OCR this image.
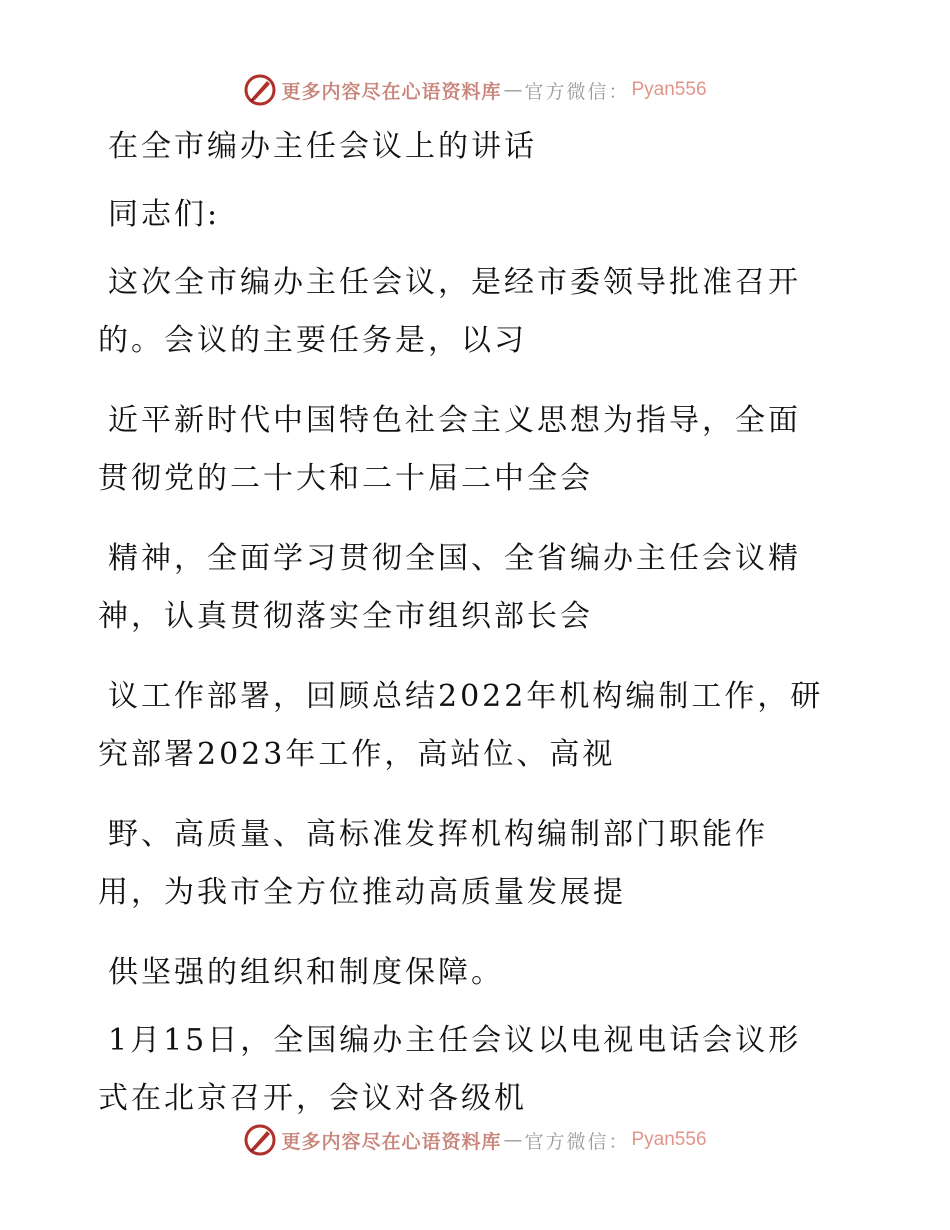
更多内容尽在心语资料库 — 官方微信： Pyan556
在全市编办主任会议上的讲话
同志们:
这次全市编办主任会议，是经市委领导批准召开
的。会议的主要任务是，以习
近平新时代中国特色社会主义思想为指导，全面
贯彻党的二十大和二十届二中全会
精神，全面学习贯彻全国、全省编办主任会议精
神，认真贯彻落实全市组织部长会
议工作部署，回顾总结2022年机构编制工作，研
究部署2023年工作，高站位、高视
野、高质量、高标准发挥机构编制部门职能作
用，为我市全方位推动高质量发展提
供坚强的组织和制度保障。
1月15日，全国编办主任会议以电视电话会议形
式在北京召开，会议对各级机
更多内容尽在心语资料库 — 官方微信： Pyan556
